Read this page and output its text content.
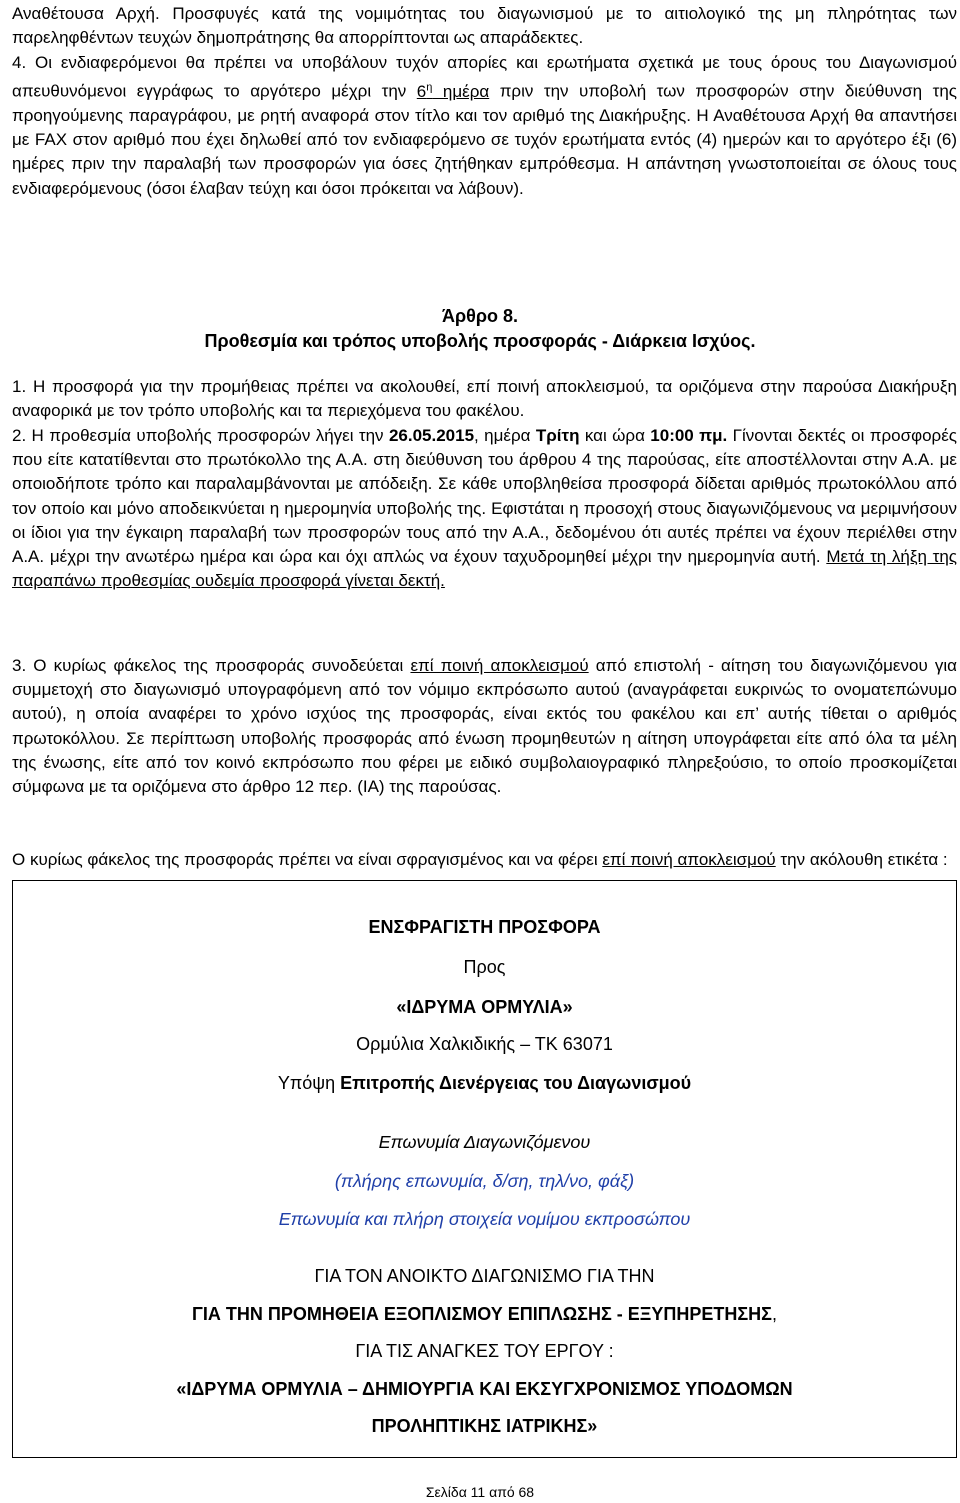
Αναθέτουσα Αρχή. Προσφυγές κατά της νομιμότητας του διαγωνισμού με το αιτιολογικό της μη πληρότητας των παρεληφθέντων τευχών δημοπράτησης θα απορρίπτονται ως απαράδεκτες.

4. Οι ενδιαφερόμενοι θα πρέπει να υποβάλουν τυχόν απορίες και ερωτήματα σχετικά με τους όρους του Διαγωνισμού απευθυνόμενοι εγγράφως το αργότερο μέχρι την $6^\eta$ ημέρα πριν την υποβολή των προσφορών στην διεύθυνση της προηγούμενης παραγράφου, με ρητή αναφορά στον τίτλο και τον αριθμό της Διακήρυξης. Η Αναθέτουσα Αρχή θα απαντήσει με FAX στον αριθμό που έχει δηλωθεί από τον ενδιαφερόμενο σε τυχόν ερωτήματα εντός (4) ημερών και το αργότερο έξι (6) ημέρες πριν την παραλαβή των προσφορών για όσες ζητήθηκαν εμπρόθεσμα. Η απάντηση γνωστοποιείται σε όλους τους ενδιαφερόμενους (όσοι έλαβαν τεύχη και όσοι πρόκειται να λάβουν).

Άρθρο 8.

Προθεσμία και τρόπος υποβολής προσφοράς - Διάρκεια Ισχύος.

1. Η προσφορά για την προμήθειας πρέπει να ακολουθεί, επί ποινή αποκλεισμού, τα οριζόμενα στην παρούσα Διακήρυξη αναφορικά με τον τρόπο υποβολής και τα περιεχόμενα του φακέλου.

2. Η προθεσμία υποβολής προσφορών λήγει την 26.05.2015, ημέρα Τρίτη και ώρα 10:00 πμ. Γίνονται δεκτές οι προσφορές που είτε κατατίθενται στο πρωτόκολλο της Α.Α. στη διεύθυνση του άρθρου 4 της παρούσας, είτε αποστέλλονται στην Α.Α. με οποιοδήποτε τρόπο και παραλαμβάνονται με απόδειξη. Σε κάθε υποβληθείσα προσφορά δίδεται αριθμός πρωτοκόλλου από τον οποίο και μόνο αποδεικνύεται η ημερομηνία υποβολής της. Εφιστάται η προσοχή στους διαγωνιζόμενους να μεριμνήσουν οι ίδιοι για την έγκαιρη παραλαβή των προσφορών τους από την Α.Α., δεδομένου ότι αυτές πρέπει να έχουν περιέλθει στην Α.Α. μέχρι την ανωτέρω ημέρα και ώρα και όχι απλώς να έχουν ταχυδρομηθεί μέχρι την ημερομηνία αυτή. Μετά τη λήξη της παραπάνω προθεσμίας ουδεμία προσφορά γίνεται δεκτή.

3. Ο κυρίως φάκελος της προσφοράς συνοδεύεται επί ποινή αποκλεισμού από επιστολή - αίτηση του διαγωνιζόμενου για συμμετοχή στο διαγωνισμό υπογραφόμενη από τον νόμιμο εκπρόσωπο αυτού (αναγράφεται ευκρινώς το ονοματεπώνυμο αυτού), η οποία αναφέρει το χρόνο ισχύος της προσφοράς, είναι εκτός του φακέλου και επ’ αυτής τίθεται ο αριθμός πρωτοκόλλου. Σε περίπτωση υποβολής προσφοράς από ένωση προμηθευτών η αίτηση υπογράφεται είτε από όλα τα μέλη της ένωσης, είτε από τον κοινό εκπρόσωπο που φέρει με ειδικό συμβολαιογραφικό πληρεξούσιο, το οποίο προσκομίζεται σύμφωνα με τα οριζόμενα στο άρθρο 12 περ. (ΙΑ) της παρούσας.

Ο κυρίως φάκελος της προσφοράς πρέπει να είναι σφραγισμένος και να φέρει επί ποινή αποκλεισμού την ακόλουθη ετικέτα :

ΕΝΣΦΡΑΓΙΣΤΗ ΠΡΟΣΦΟΡΑ
Προς
«ΙΔΡΥΜΑ ΟΡΜΥΛΙΑ»
Ορμύλια Χαλκιδικής – ΤΚ 63071
Υπόψη Επιτροπής Διενέργειας του Διαγωνισμού
Επωνυμία Διαγωνιζόμενου
(πλήρης επωνυμία, δ/ση, τηλ/νο, φάξ)
Επωνυμία και πλήρη στοιχεία νομίμου εκπροσώπου
ΓΙΑ ΤΟΝ ΑΝΟΙΚΤΟ ΔΙΑΓΩΝΙΣΜΟ ΓΙΑ ΤΗΝ
ΓΙΑ ΤΗΝ ΠΡΟΜΗΘΕΙΑ ΕΞΟΠΛΙΣΜΟΥ ΕΠΙΠΛΩΣΗΣ - ΕΞΥΠΗΡΕΤΗΣΗΣ,
ΓΙΑ ΤΙΣ ΑΝΑΓΚΕΣ ΤΟΥ ΕΡΓΟΥ :
«ΙΔΡΥΜΑ ΟΡΜΥΛΙΑ – ΔΗΜΙΟΥΡΓΙΑ ΚΑΙ ΕΚΣΥΓΧΡΟΝΙΣΜΟΣ ΥΠΟΔΟΜΩΝ
ΠΡΟΛΗΠΤΙΚΗΣ ΙΑΤΡΙΚΗΣ»
Σελίδα 11 από 68
